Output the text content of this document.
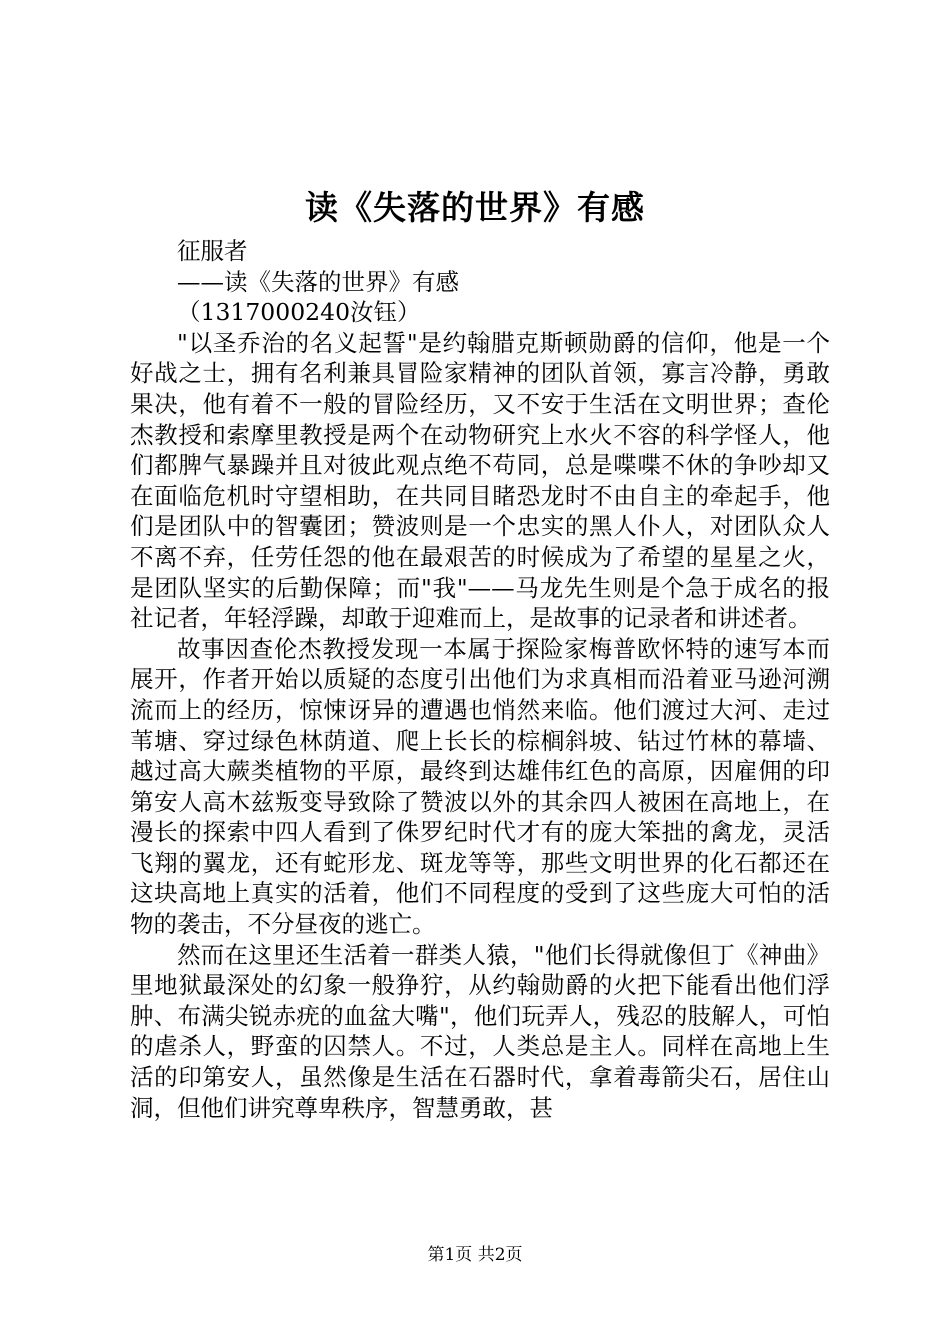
读《失落的世界》有感

征服者

——读《失落的世界》有感

（1317000240汝钰）

"以圣乔治的名义起誓"是约翰腊克斯顿勋爵的信仰，他是一个好战之士，拥有名利兼具冒险家精神的团队首领，寡言冷静，勇敢果决，他有着不一般的冒险经历，又不安于生活在文明世界；查伦杰教授和索摩里教授是两个在动物研究上水火不容的科学怪人，他们都脾气暴躁并且对彼此观点绝不苟同，总是喋喋不休的争吵却又在面临危机时守望相助，在共同目睹恐龙时不由自主的牵起手，他们是团队中的智囊团；赞波则是一个忠实的黑人仆人，对团队众人不离不弃，任劳任怨的他在最艰苦的时候成为了希望的星星之火，是团队坚实的后勤保障；而"我"——马龙先生则是个急于成名的报社记者，年轻浮躁，却敢于迎难而上，是故事的记录者和讲述者。

故事因查伦杰教授发现一本属于探险家梅普欧怀特的速写本而展开，作者开始以质疑的态度引出他们为求真相而沿着亚马逊河溯流而上的经历，惊悚讶异的遭遇也悄然来临。他们渡过大河、走过苇塘、穿过绿色林荫道、爬上长长的棕榈斜坡、钻过竹林的幕墙、越过高大蕨类植物的平原，最终到达雄伟红色的高原，因雇佣的印第安人高木兹叛变导致除了赞波以外的其余四人被困在高地上，在漫长的探索中四人看到了侏罗纪时代才有的庞大笨拙的禽龙，灵活飞翔的翼龙，还有蛇形龙、斑龙等等，那些文明世界的化石都还在这块高地上真实的活着，他们不同程度的受到了这些庞大可怕的活物的袭击，不分昼夜的逃亡。

然而在这里还生活着一群类人猿，"他们长得就像但丁《神曲》里地狱最深处的幻象一般狰狞，从约翰勋爵的火把下能看出他们浮肿、布满尖锐赤疣的血盆大嘴"，他们玩弄人，残忍的肢解人，可怕的虐杀人，野蛮的囚禁人。不过，人类总是主人。同样在高地上生活的印第安人，虽然像是生活在石器时代，拿着毒箭尖石，居住山洞，但他们讲究尊卑秩序，智慧勇敢，甚

第1页 共2页
